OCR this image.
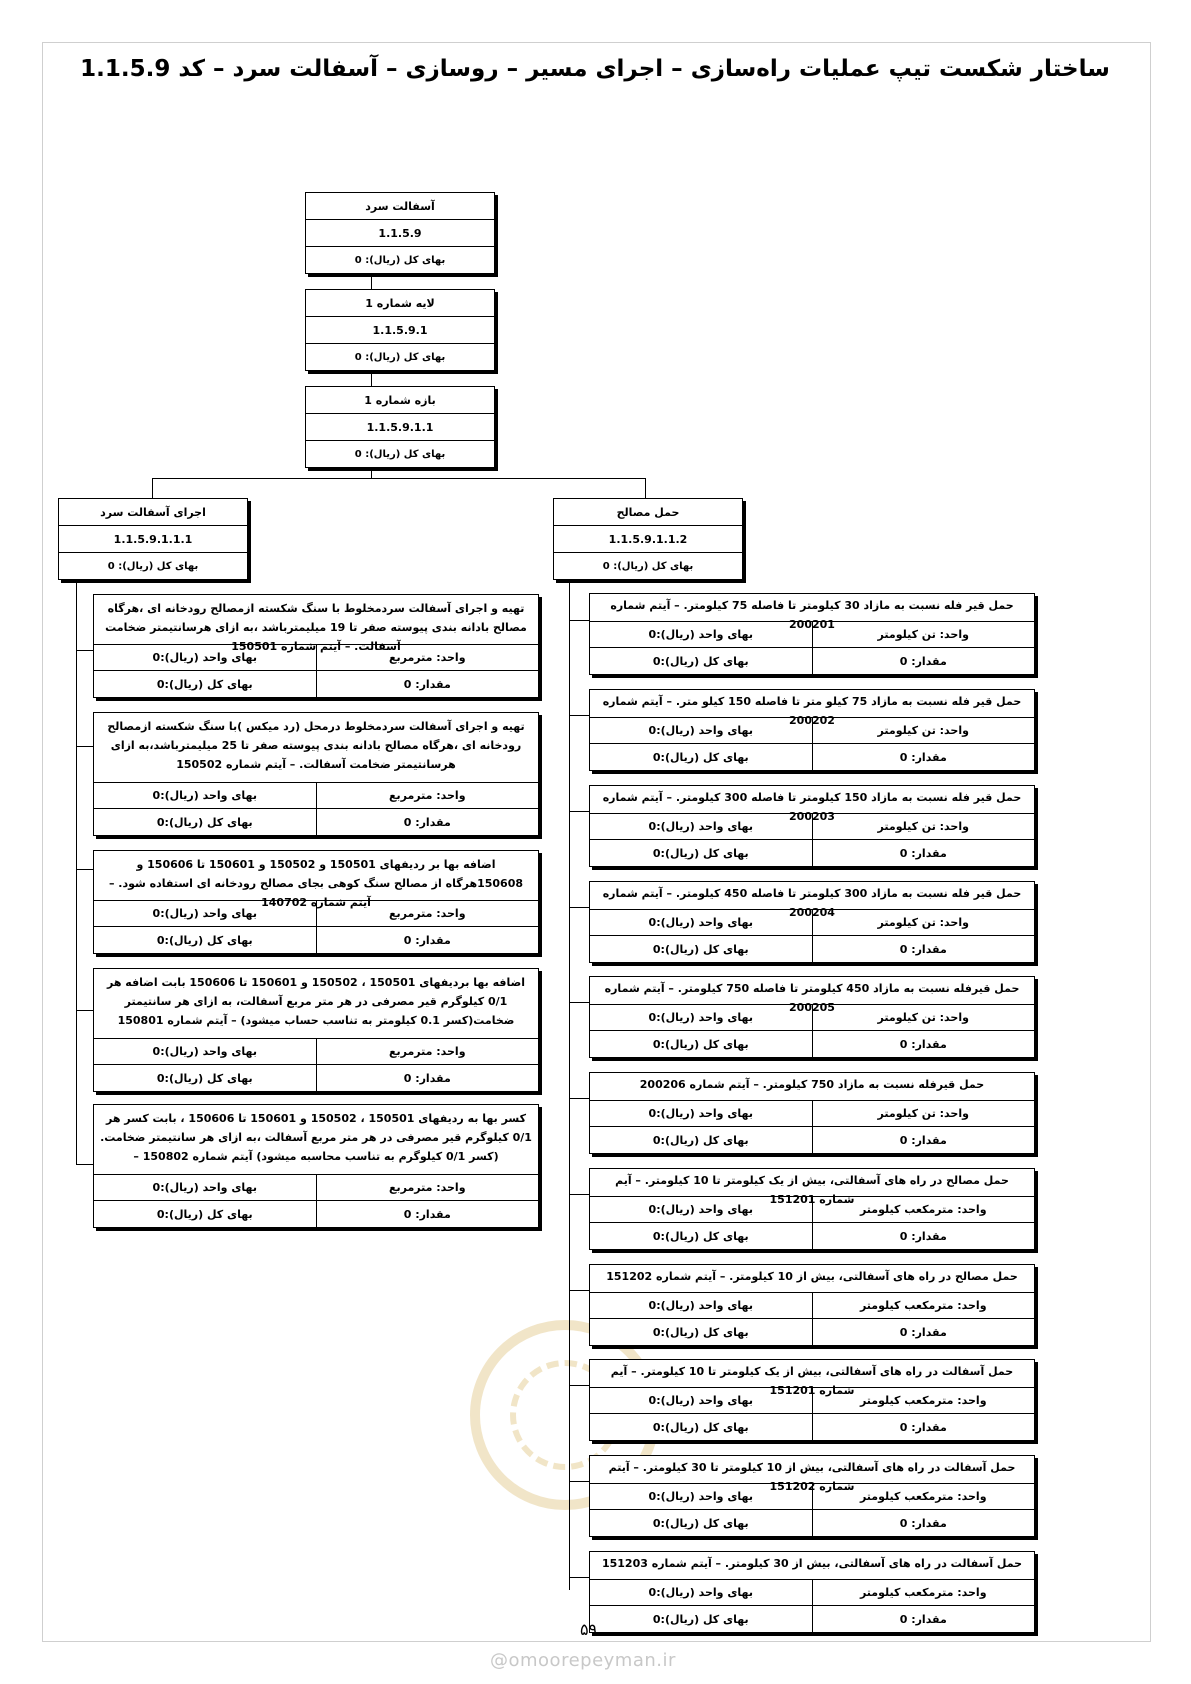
ساختار شکست تیپ عملیات راه‌سازی – اجرای مسیر – روسازی – آسفالت سرد – کد 1.1.5.9
آسفالت سرد
1.1.5.9
بهای کل (ریال): 0
لایه شماره 1
1.1.5.9.1
بهای کل (ریال): 0
بازه شماره 1
1.1.5.9.1.1
بهای کل (ریال): 0
اجرای آسفالت سرد
1.1.5.9.1.1.1
بهای کل (ریال): 0
حمل مصالح
1.1.5.9.1.1.2
بهای کل (ریال): 0
تهیه و اجرای آسفالت سردمخلوط با سنگ شکسته ازمصالح رودخانه ای ،هرگاه مصالح بادانه بندی پیوسته صفر تا 19 میلیمترباشد ،به ازای هرسانتیمتر ضخامت آسفالت. – آیتم شماره 150501
واحد: مترمربع
بهای واحد (ریال):0
مقدار: 0
بهای کل (ریال):0
تهیه و اجرای آسفالت سردمخلوط درمحل (رد میکس )با سنگ شکسته ازمصالح رودخانه ای ،هرگاه مصالح بادانه بندی پیوسته صفر تا 25 میلیمترباشد،به ازای هرسانتیمتر ضخامت آسفالت. – آیتم شماره 150502
واحد: مترمربع
بهای واحد (ریال):0
مقدار: 0
بهای کل (ریال):0
اضافه بها بر ردیفهای 150501 و 150502 و 150601 تا 150606 و 150608هرگاه از مصالح سنگ کوهی بجای مصالح رودخانه ای استفاده شود. – آیتم شماره 140702
واحد: مترمربع
بهای واحد (ریال):0
مقدار: 0
بهای کل (ریال):0
اضافه بها بردیفهای 150501 ، 150502 و 150601 تا 150606 بابت اضافه هر 0/1 کیلوگرم قیر مصرفی در هر متر مربع آسفالت، به ازای هر سانتیمتر ضخامت(کسر 0.1 کیلومتر به تناسب حساب میشود) – آیتم شماره 150801
واحد: مترمربع
بهای واحد (ریال):0
مقدار: 0
بهای کل (ریال):0
کسر بها به ردیفهای 150501 ، 150502 و 150601 تا 150606 ، بابت کسر هر 0/1 کیلوگرم قیر مصرفی در هر متر مربع آسفالت ،به ازای هر سانتیمتر ضخامت.(کسر 0/1 کیلوگرم به تناسب محاسبه میشود) آیتم شماره 150802 –
واحد: مترمربع
بهای واحد (ریال):0
مقدار: 0
بهای کل (ریال):0
حمل قیر فله نسبت به مازاد 30 کیلومتر تا فاصله 75 کیلومتر. – آیتم شماره 200201
واحد: تن کیلومتر
بهای واحد (ریال):0
مقدار: 0
بهای کل (ریال):0
حمل قیر فله نسبت به مازاد 75 کیلو متر تا فاصله 150 کیلو متر. – آیتم شماره 200202
واحد: تن کیلومتر
بهای واحد (ریال):0
مقدار: 0
بهای کل (ریال):0
حمل قیر فله نسبت به مازاد 150 کیلومتر تا فاصله 300 کیلومتر. – آیتم شماره 200203
واحد: تن کیلومتر
بهای واحد (ریال):0
مقدار: 0
بهای کل (ریال):0
حمل قیر فله نسبت به مازاد 300 کیلومتر تا فاصله 450 کیلومتر. – آیتم شماره 200204
واحد: تن کیلومتر
بهای واحد (ریال):0
مقدار: 0
بهای کل (ریال):0
حمل قیرفله نسبت به مازاد 450 کیلومتر تا فاصله 750 کیلومتر. – آیتم شماره 200205
واحد: تن کیلومتر
بهای واحد (ریال):0
مقدار: 0
بهای کل (ریال):0
حمل قیرفله نسبت به مازاد 750 کیلومتر. – آیتم شماره 200206
واحد: تن کیلومتر
بهای واحد (ریال):0
مقدار: 0
بهای کل (ریال):0
حمل مصالح در راه های آسفالتی، بیش از یک کیلومتر تا 10 کیلومتر. – آیم شماره 151201
واحد: مترمکعب کیلومتر
بهای واحد (ریال):0
مقدار: 0
بهای کل (ریال):0
حمل مصالح در راه های آسفالتی، بیش از 10 کیلومتر. – آیتم شماره 151202
واحد: مترمکعب کیلومتر
بهای واحد (ریال):0
مقدار: 0
بهای کل (ریال):0
حمل آسفالت در راه های آسفالتی، بیش از یک کیلومتر تا 10 کیلومتر. – آیم شماره 151201
واحد: مترمکعب کیلومتر
بهای واحد (ریال):0
مقدار: 0
بهای کل (ریال):0
حمل آسفالت در راه های آسفالتی، بیش از 10 کیلومتر تا 30 کیلومتر. – آیتم شماره 151202
واحد: مترمکعب کیلومتر
بهای واحد (ریال):0
مقدار: 0
بهای کل (ریال):0
حمل آسفالت در راه های آسفالتی، بیش از 30 کیلومتر. – آیتم شماره 151203
واحد: مترمکعب کیلومتر
بهای واحد (ریال):0
مقدار: 0
بهای کل (ریال):0
۵۹
@omoorepeyman.ir
